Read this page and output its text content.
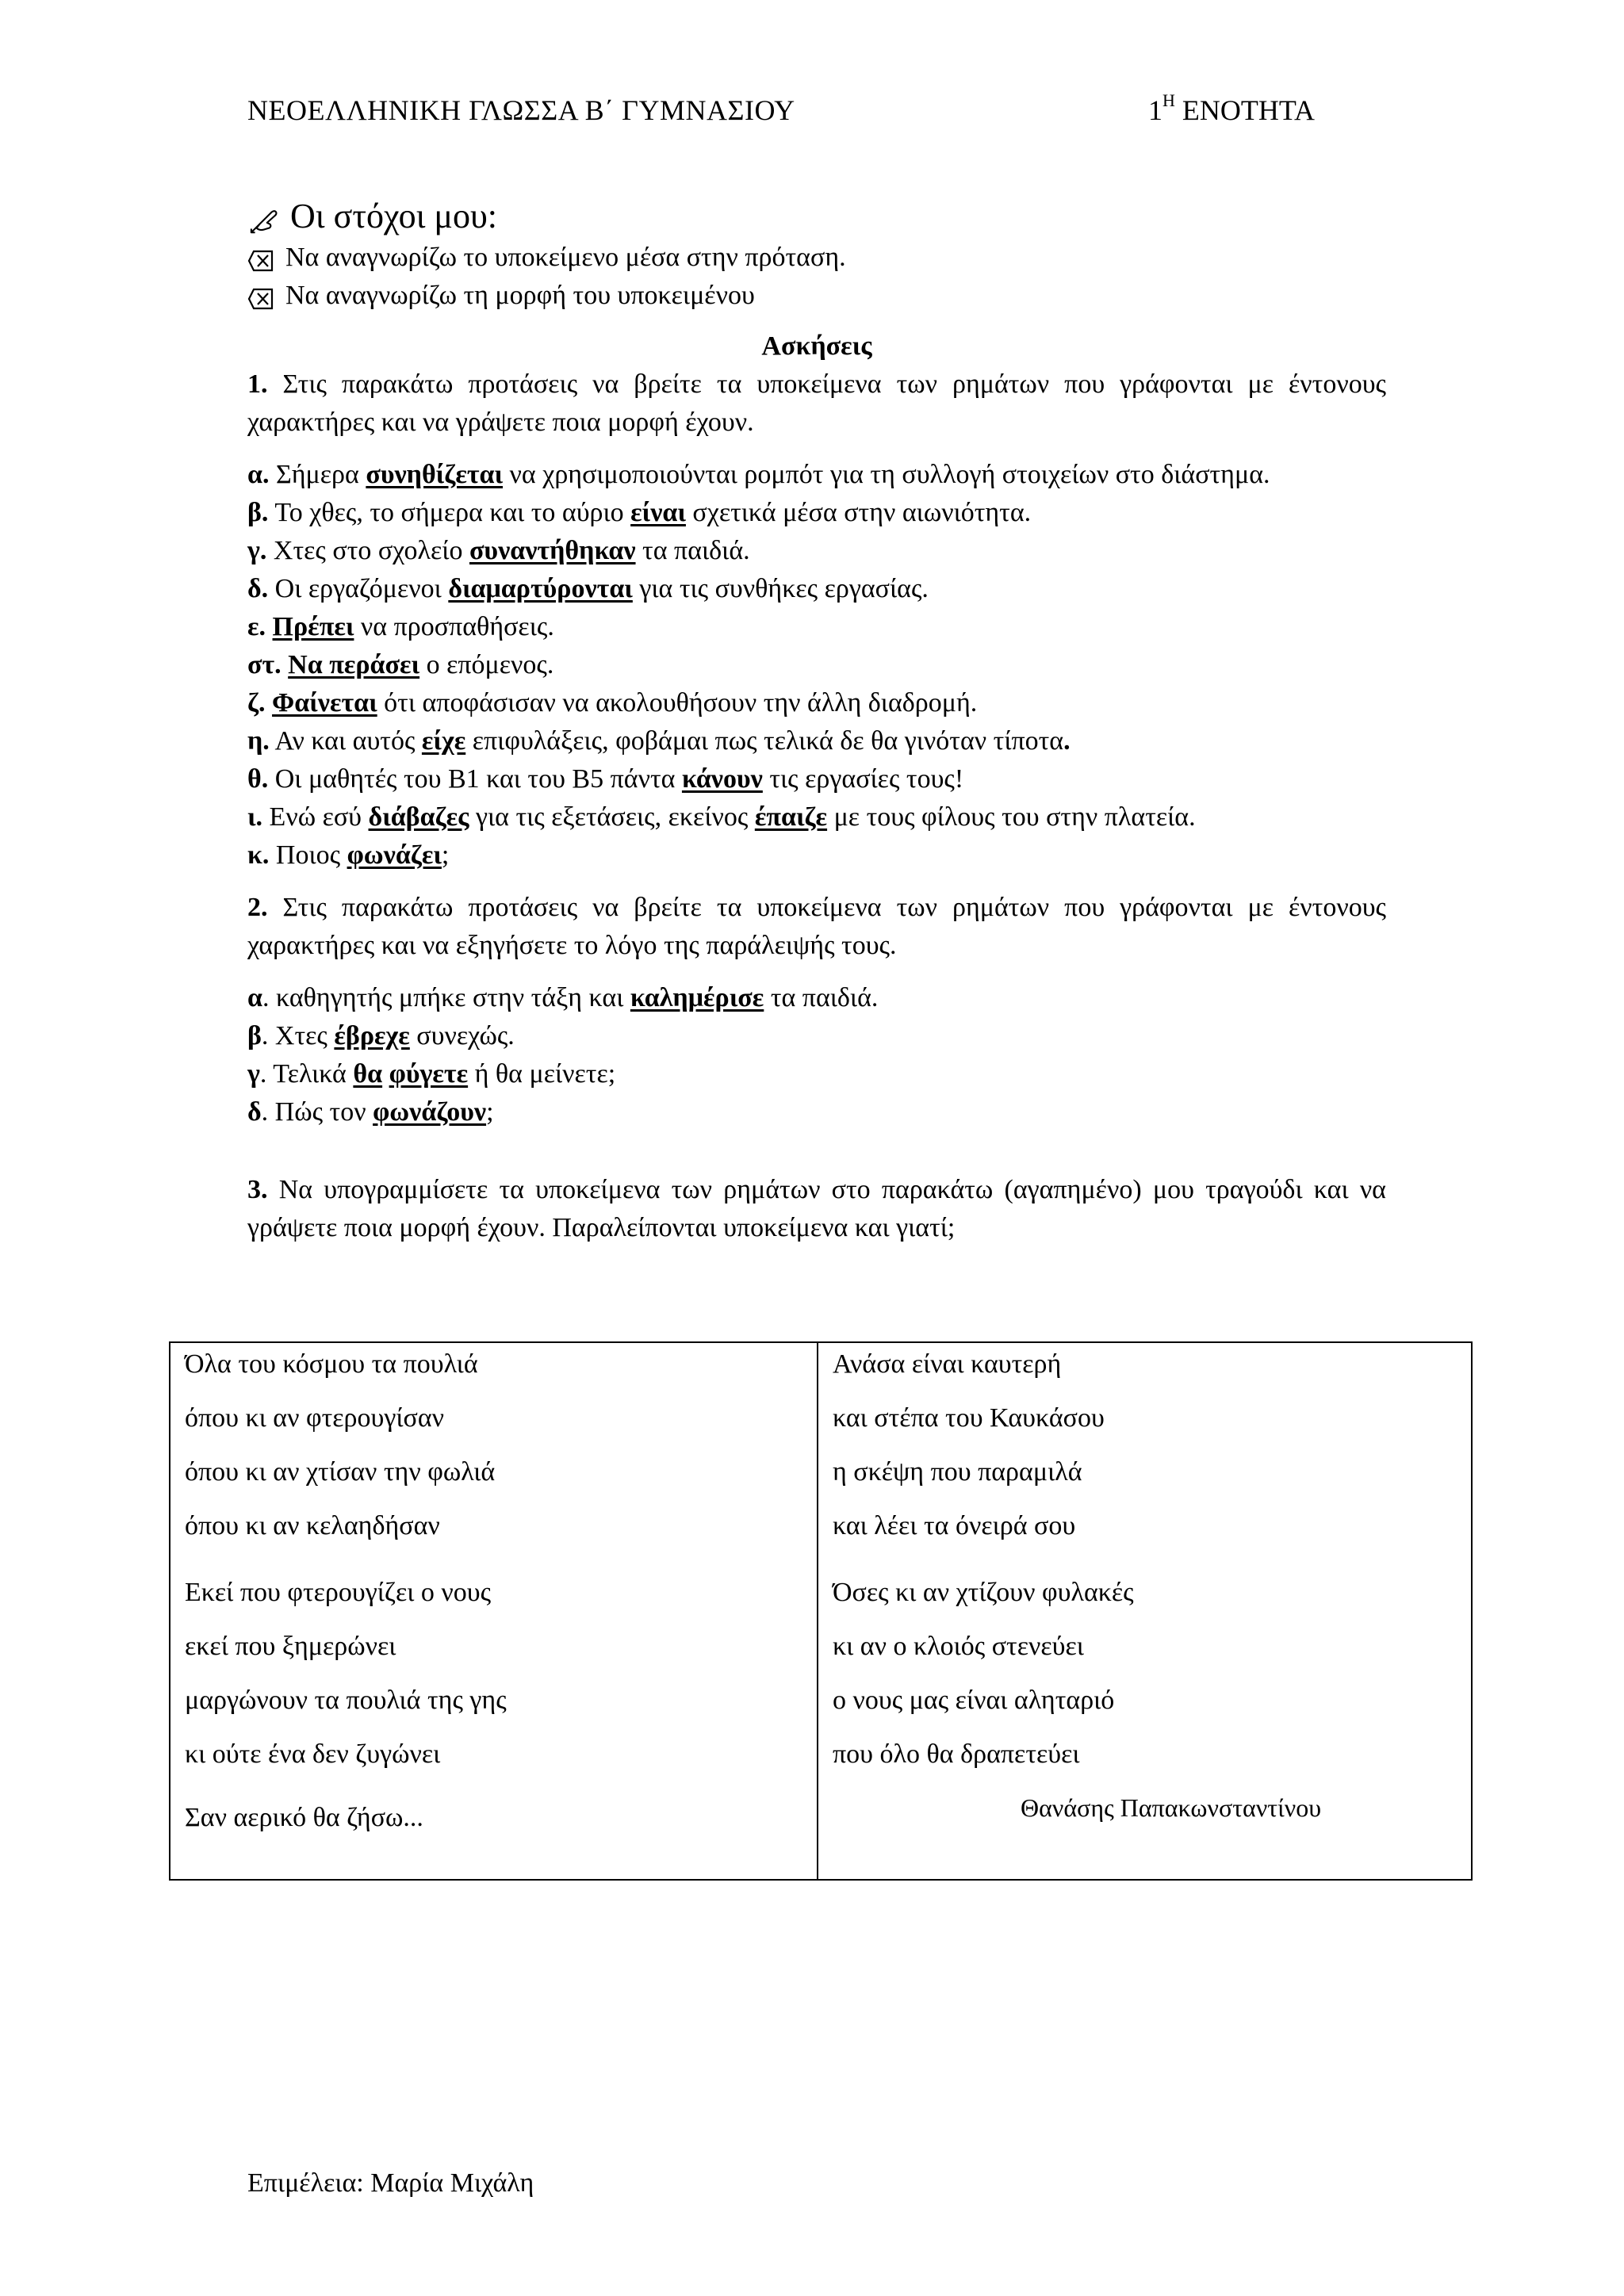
ΝΕΟΕΛΛΗΝΙΚΗ ΓΛΩΣΣΑ Β΄ ΓΥΜΝΑΣΙΟΥ	$1^H$ ΕΝΟΤΗΤΑ
Οι στόχοι μου:
Να αναγνωρίζω το υποκείμενο μέσα στην πρόταση.
Να αναγνωρίζω τη μορφή του υποκειμένου
Ασκήσεις

1. Στις παρακάτω προτάσεις να βρείτε τα υποκείμενα των ρημάτων που γράφονται με έντονους χαρακτήρες και να γράψετε ποια μορφή έχουν.

α. Σήμερα συνηθίζεται να χρησιμοποιούνται ρομπότ για τη συλλογή στοιχείων στο διάστημα.

β. Το χθες, το σήμερα και το αύριο είναι σχετικά μέσα στην αιωνιότητα.

γ. Χτες στο σχολείο συναντήθηκαν τα παιδιά.

δ. Οι εργαζόμενοι διαμαρτύρονται για τις συνθήκες εργασίας.

ε. Πρέπει να προσπαθήσεις.

στ. Να περάσει ο επόμενος.

ζ. Φαίνεται ότι αποφάσισαν να ακολουθήσουν την άλλη διαδρομή.

η. Αν και αυτός είχε επιφυλάξεις, φοβάμαι πως τελικά δε θα γινόταν τίποτα.

θ. Οι μαθητές του Β1 και του Β5 πάντα κάνουν τις εργασίες τους!

ι. Ενώ εσύ διάβαζες για τις εξετάσεις, εκείνος έπαιζε με τους φίλους του στην πλατεία.

κ. Ποιος φωνάζει;

2. Στις παρακάτω προτάσεις να βρείτε τα υποκείμενα των ρημάτων που γράφονται με έντονους χαρακτήρες και να εξηγήσετε το λόγο της παράλειψής τους.

α. καθηγητής μπήκε στην τάξη και καλημέρισε τα παιδιά.

β. Χτες έβρεχε συνεχώς.

γ. Τελικά θα φύγετε ή θα μείνετε;

δ. Πώς τον φωνάζουν;

3. Να υπογραμμίσετε τα υποκείμενα των ρημάτων στο παρακάτω (αγαπημένο) μου τραγούδι και να γράψετε ποια μορφή έχουν. Παραλείπονται υποκείμενα και γιατί;

Όλα του κόσμου τα πουλιά
όπου κι αν φτερουγίσαν
όπου κι αν χτίσαν την φωλιά
όπου κι αν κελαηδήσαν
Εκεί που φτερουγίζει ο νους
εκεί που ξημερώνει
μαργώνουν τα πουλιά της γης
κι ούτε ένα δεν ζυγώνει
Σαν αερικό θα ζήσω...
Ανάσα είναι καυτερή
και στέπα του Καυκάσου
η σκέψη που παραμιλά
και λέει τα όνειρά σου
Όσες κι αν χτίζουν φυλακές
κι αν ο κλοιός στενεύει
ο νους μας είναι αληταριό
που όλο θα δραπετεύει
Θανάσης Παπακωνσταντίνου
Επιμέλεια: Μαρία Μιχάλη
